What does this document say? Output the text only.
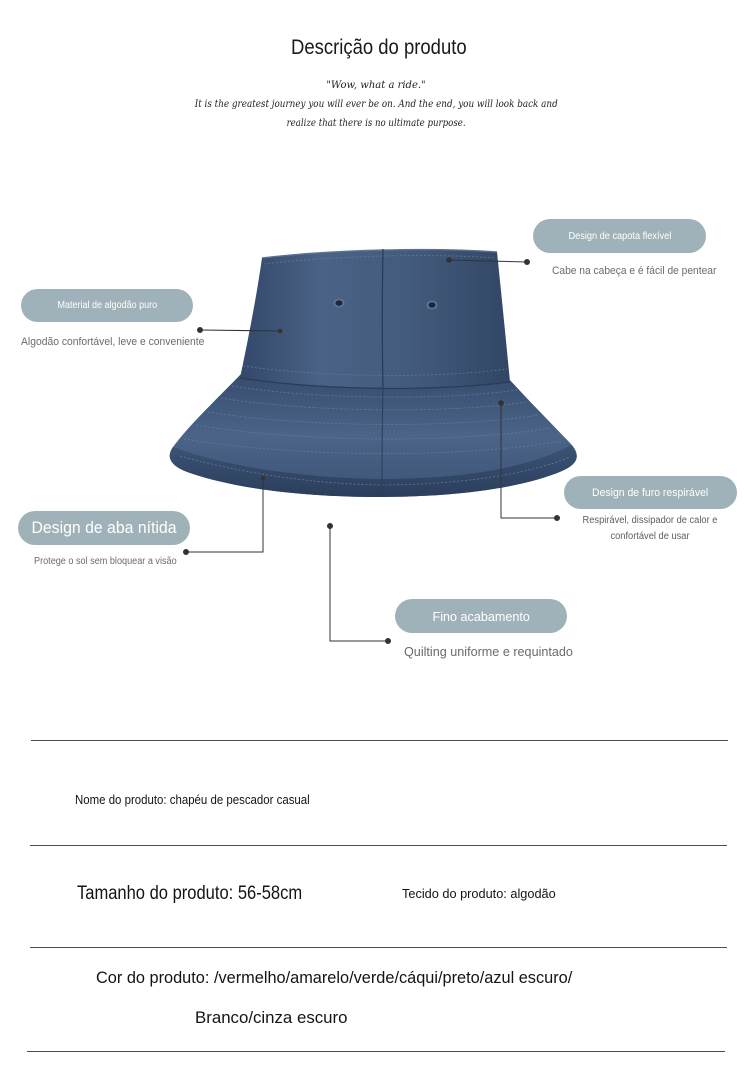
Descrição do produto
"Wow, what a ride."
It is the greatest journey you will ever be on. And the end, you will look back and
realize that there is no ultimate purpose.
Design de capota flexível
Cabe na cabeça e é fácil de pentear
Material de algodão puro
Algodão confortável, leve e conveniente
Design de furo respirável
Respirável, dissipador de calor e
confortável de usar
Design de aba nítida
Protege o sol sem bloquear a visão
Fino acabamento
Quilting uniforme e requintado
Nome do produto: chapéu de pescador casual
Tamanho do produto: 56-58cm	Tecido do produto: algodão
Cor do produto: /vermelho/amarelo/verde/cáqui/preto/azul escuro/
Branco/cinza escuro
